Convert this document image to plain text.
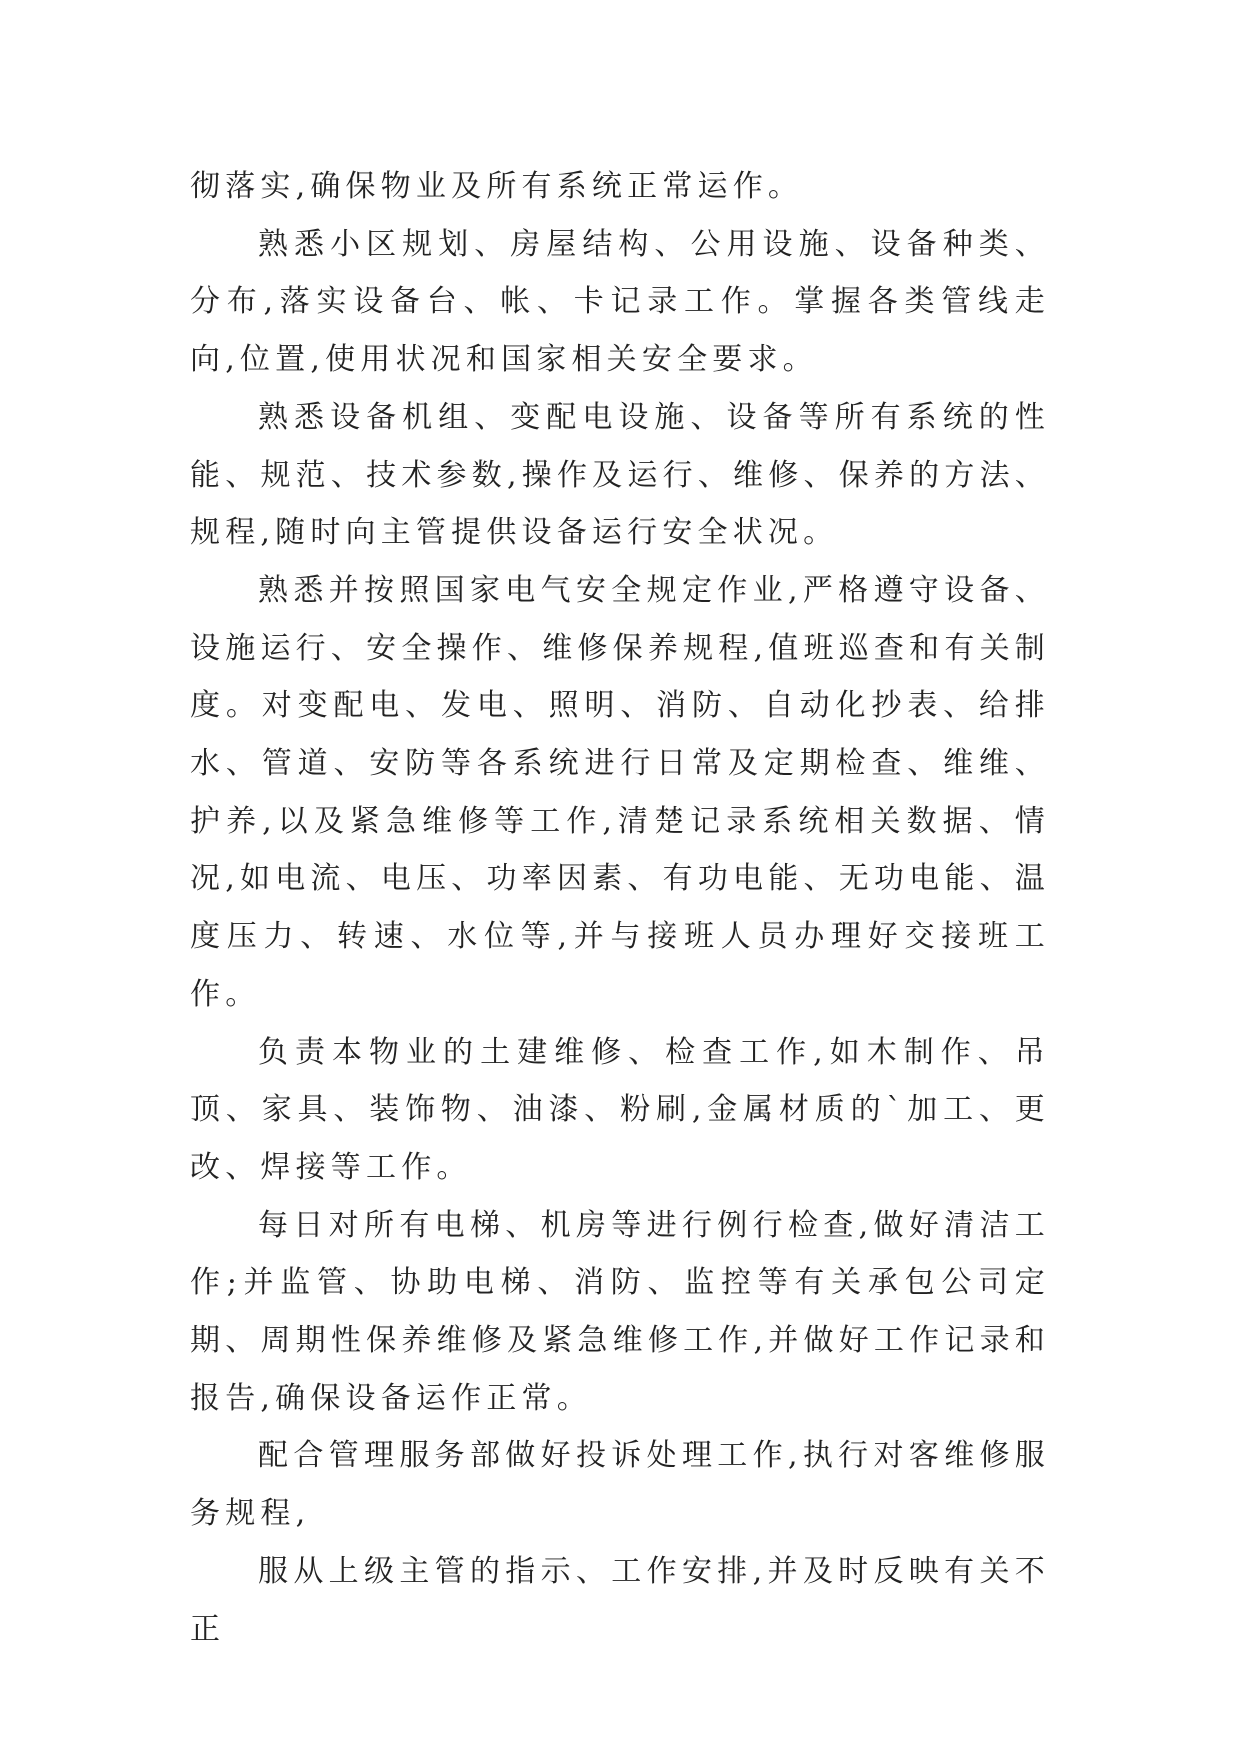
彻落实,确保物业及所有系统正常运作。

熟悉小区规划、房屋结构、公用设施、设备种类、分布,落实设备台、帐、卡记录工作。掌握各类管线走向,位置,使用状况和国家相关安全要求。

熟悉设备机组、变配电设施、设备等所有系统的性能、规范、技术参数,操作及运行、维修、保养的方法、规程,随时向主管提供设备运行安全状况。

熟悉并按照国家电气安全规定作业,严格遵守设备、设施运行、安全操作、维修保养规程,值班巡查和有关制度。对变配电、发电、照明、消防、自动化抄表、给排水、管道、安防等各系统进行日常及定期检查、维维、护养,以及紧急维修等工作,清楚记录系统相关数据、情况,如电流、电压、功率因素、有功电能、无功电能、温度压力、转速、水位等,并与接班人员办理好交接班工作。

负责本物业的土建维修、检查工作,如木制作、吊顶、家具、装饰物、油漆、粉刷,金属材质的`加工、更改、焊接等工作。

每日对所有电梯、机房等进行例行检查,做好清洁工作;并监管、协助电梯、消防、监控等有关承包公司定期、周期性保养维修及紧急维修工作,并做好工作记录和报告,确保设备运作正常。

配合管理服务部做好投诉处理工作,执行对客维修服务规程,

服从上级主管的指示、工作安排,并及时反映有关不正
